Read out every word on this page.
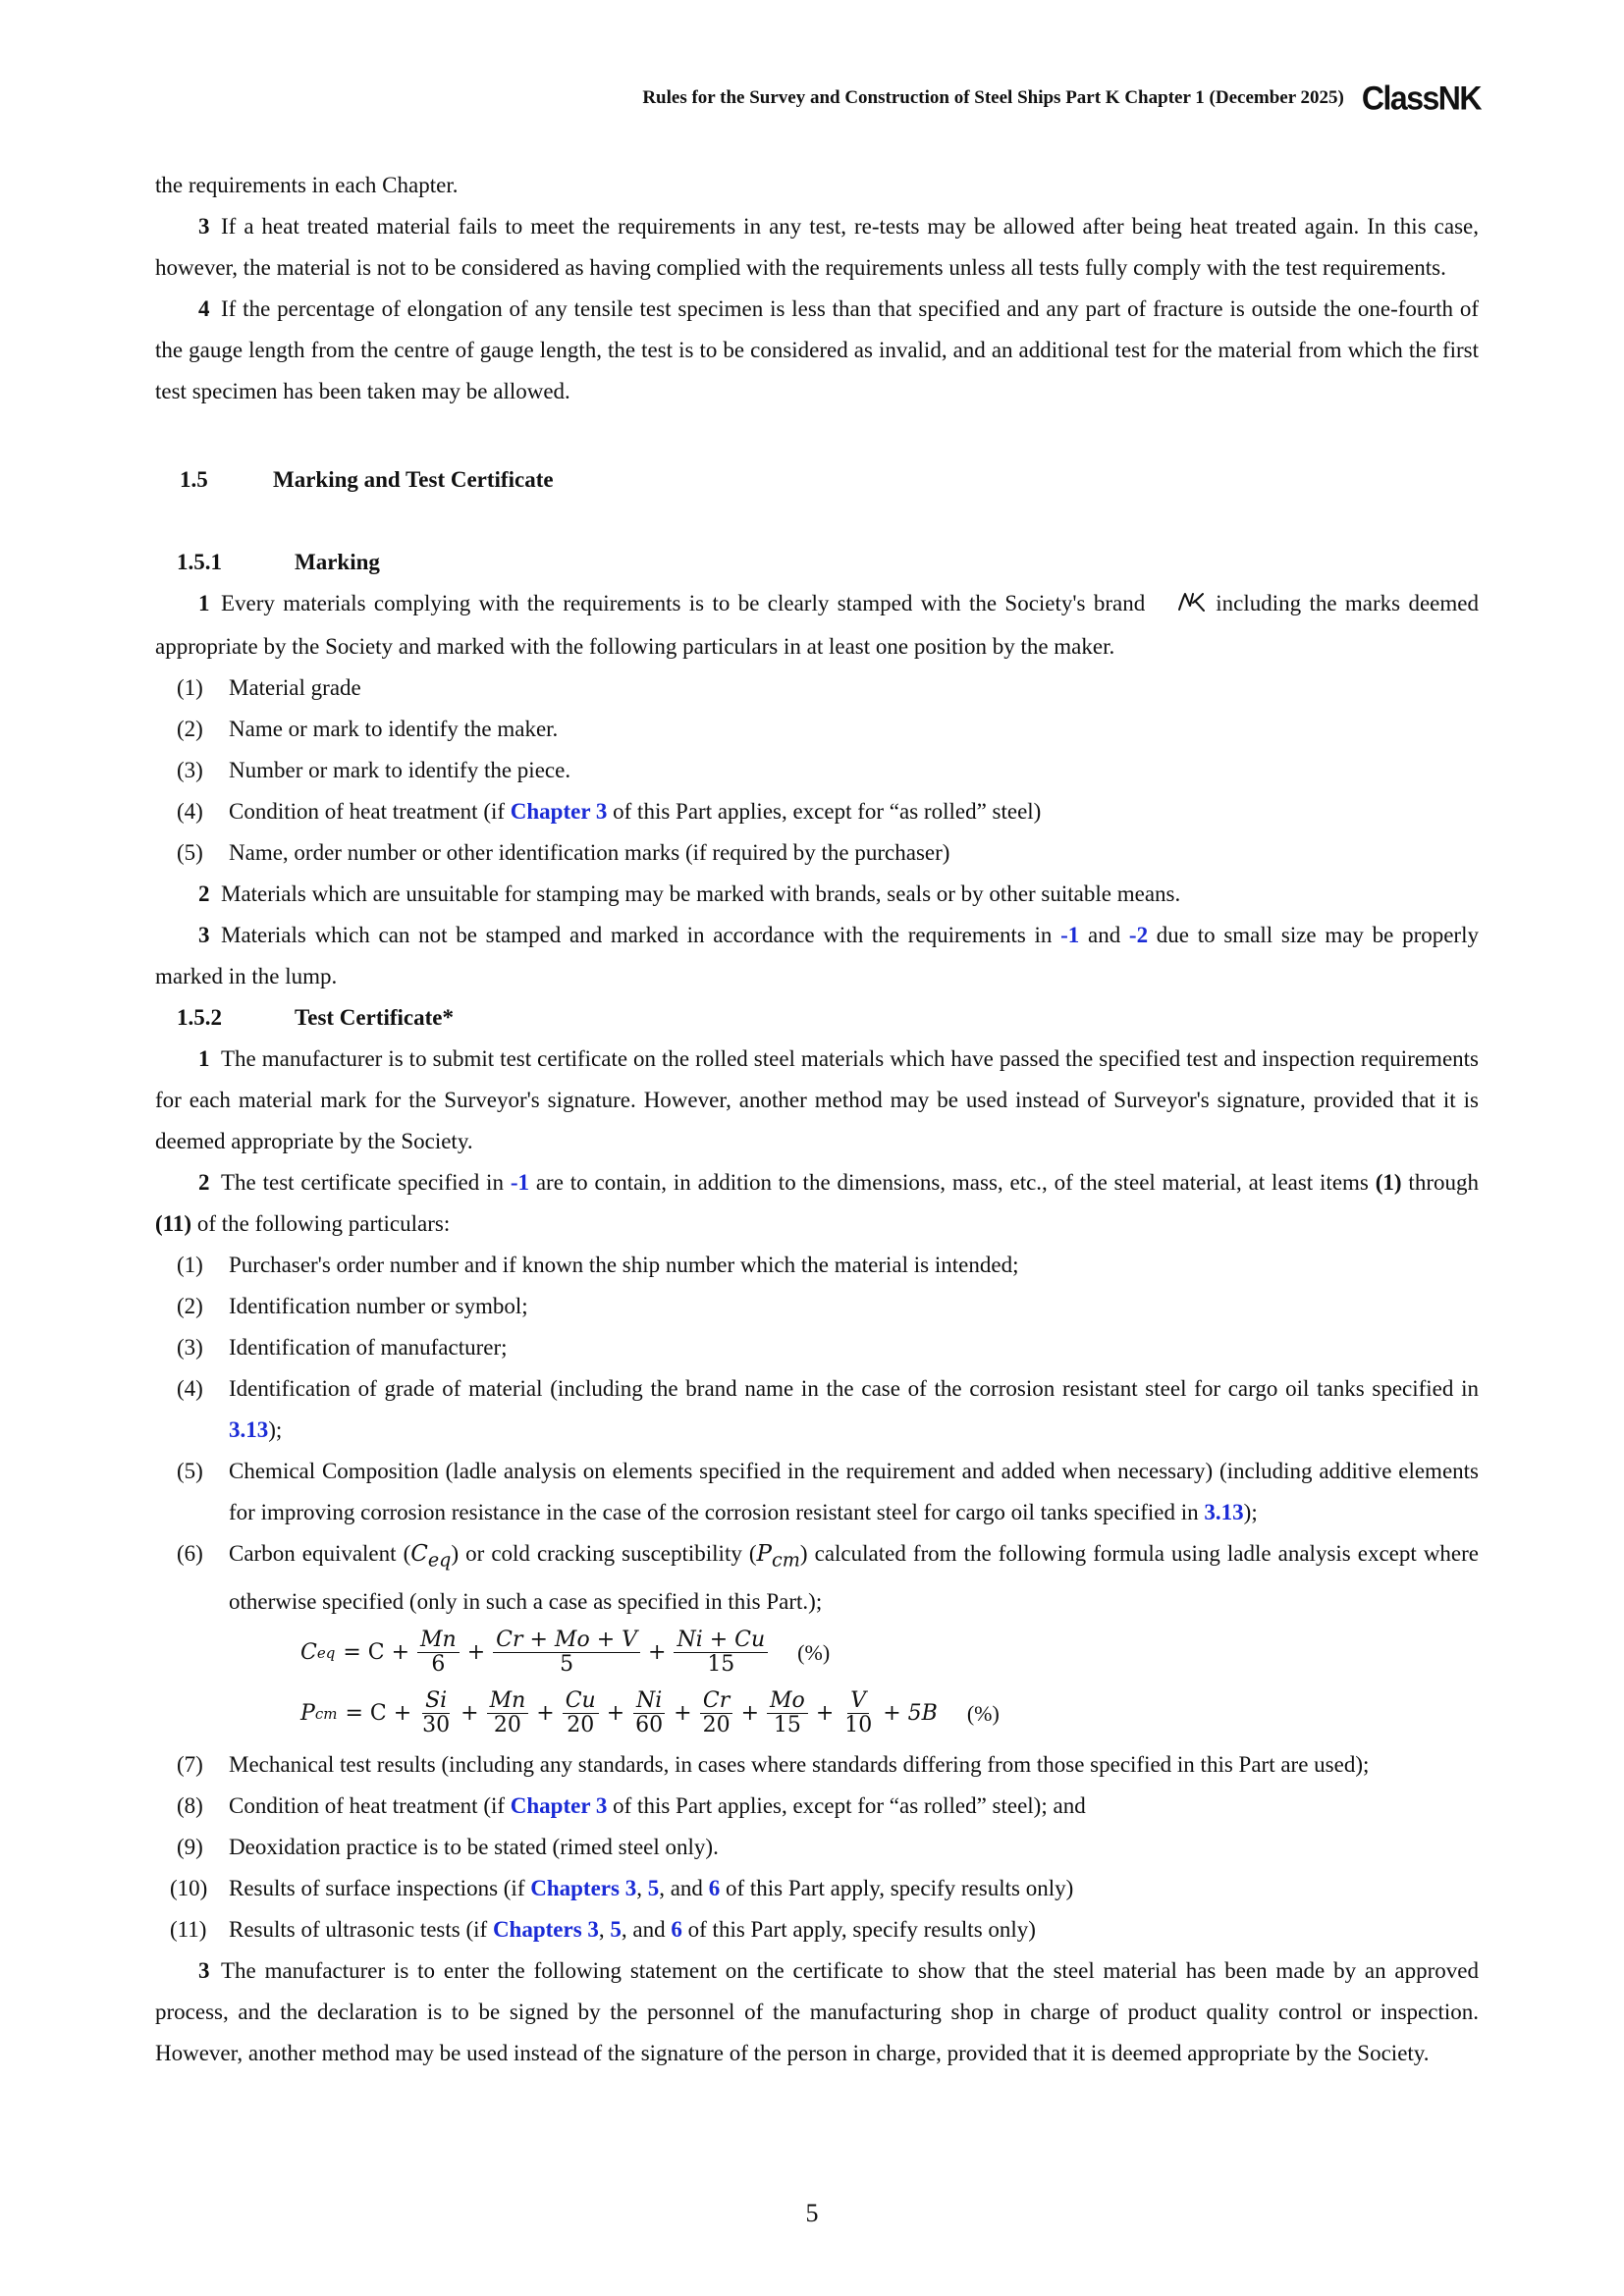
Rules for the Survey and Construction of Steel Ships Part K Chapter 1 (December 2025) ClassNK

the requirements in each Chapter.

3 If a heat treated material fails to meet the requirements in any test, re-tests may be allowed after being heat treated again. In this case, however, the material is not to be considered as having complied with the requirements unless all tests fully comply with the test requirements.

4 If the percentage of elongation of any tensile test specimen is less than that specified and any part of fracture is outside the one-fourth of the gauge length from the centre of gauge length, the test is to be considered as invalid, and an additional test for the material from which the first test specimen has been taken may be allowed.

1.5	Marking and Test Certificate

1.5.1	Marking

1 Every materials complying with the requirements is to be clearly stamped with the Society's brand	including the marks deemed appropriate by the Society and marked with the following particulars in at least one position by the maker.

(1)	Material grade
(2)	Name or mark to identify the maker.
(3)	Number or mark to identify the piece.
(4)	Condition of heat treatment (if Chapter 3 of this Part applies, except for “as rolled” steel)
(5)	Name, order number or other identification marks (if required by the purchaser)

2 Materials which are unsuitable for stamping may be marked with brands, seals or by other suitable means.

3 Materials which can not be stamped and marked in accordance with the requirements in -1 and -2 due to small size may be properly marked in the lump.

1.5.2	Test Certificate*

1 The manufacturer is to submit test certificate on the rolled steel materials which have passed the specified test and inspection requirements for each material mark for the Surveyor's signature. However, another method may be used instead of Surveyor's signature, provided that it is deemed appropriate by the Society.

2 The test certificate specified in -1 are to contain, in addition to the dimensions, mass, etc., of the steel material, at least items (1) through (11) of the following particulars:

(1)	Purchaser's order number and if known the ship number which the material is intended;
(2)	Identification number or symbol;
(3)	Identification of manufacturer;
(4)	Identification of grade of material (including the brand name in the case of the corrosion resistant steel for cargo oil tanks specified in 3.13);
(5)	Chemical Composition (ladle analysis on elements specified in the requirement and added when necessary) (including additive elements for improving corrosion resistance in the case of the corrosion resistant steel for cargo oil tanks specified in 3.13);
(6)	Carbon equivalent $(C_{eq})$ or cold cracking susceptibility $(P_{cm})$ calculated from the following formula using ladle analysis except where otherwise specified (only in such a case as specified in this Part.);
C eq = $C + \frac{Mn}{6} + \frac{Cr + Mo + V}{5} + \frac{Ni + Cu}{15}$ (%)
P cm = $C + \frac{Si}{30} + \frac{Mn}{20} + \frac{Cu}{20} + \frac{Ni}{60} + \frac{Cr}{20} + \frac{Mo}{15} + \frac{V}{10} + 5B$ (%)
(7)	Mechanical test results (including any standards, in cases where standards differing from those specified in this Part are used);
(8)	Condition of heat treatment (if Chapter 3 of this Part applies, except for “as rolled” steel); and
(9)	Deoxidation practice is to be stated (rimed steel only).
(10) Results of surface inspections (if Chapters 3, 5, and 6 of this Part apply, specify results only)
(11) Results of ultrasonic tests (if Chapters 3, 5, and 6 of this Part apply, specify results only)

3 The manufacturer is to enter the following statement on the certificate to show that the steel material has been made by an approved process, and the declaration is to be signed by the personnel of the manufacturing shop in charge of product quality control or inspection. However, another method may be used instead of the signature of the person in charge, provided that it is deemed appropriate by the Society.

5
